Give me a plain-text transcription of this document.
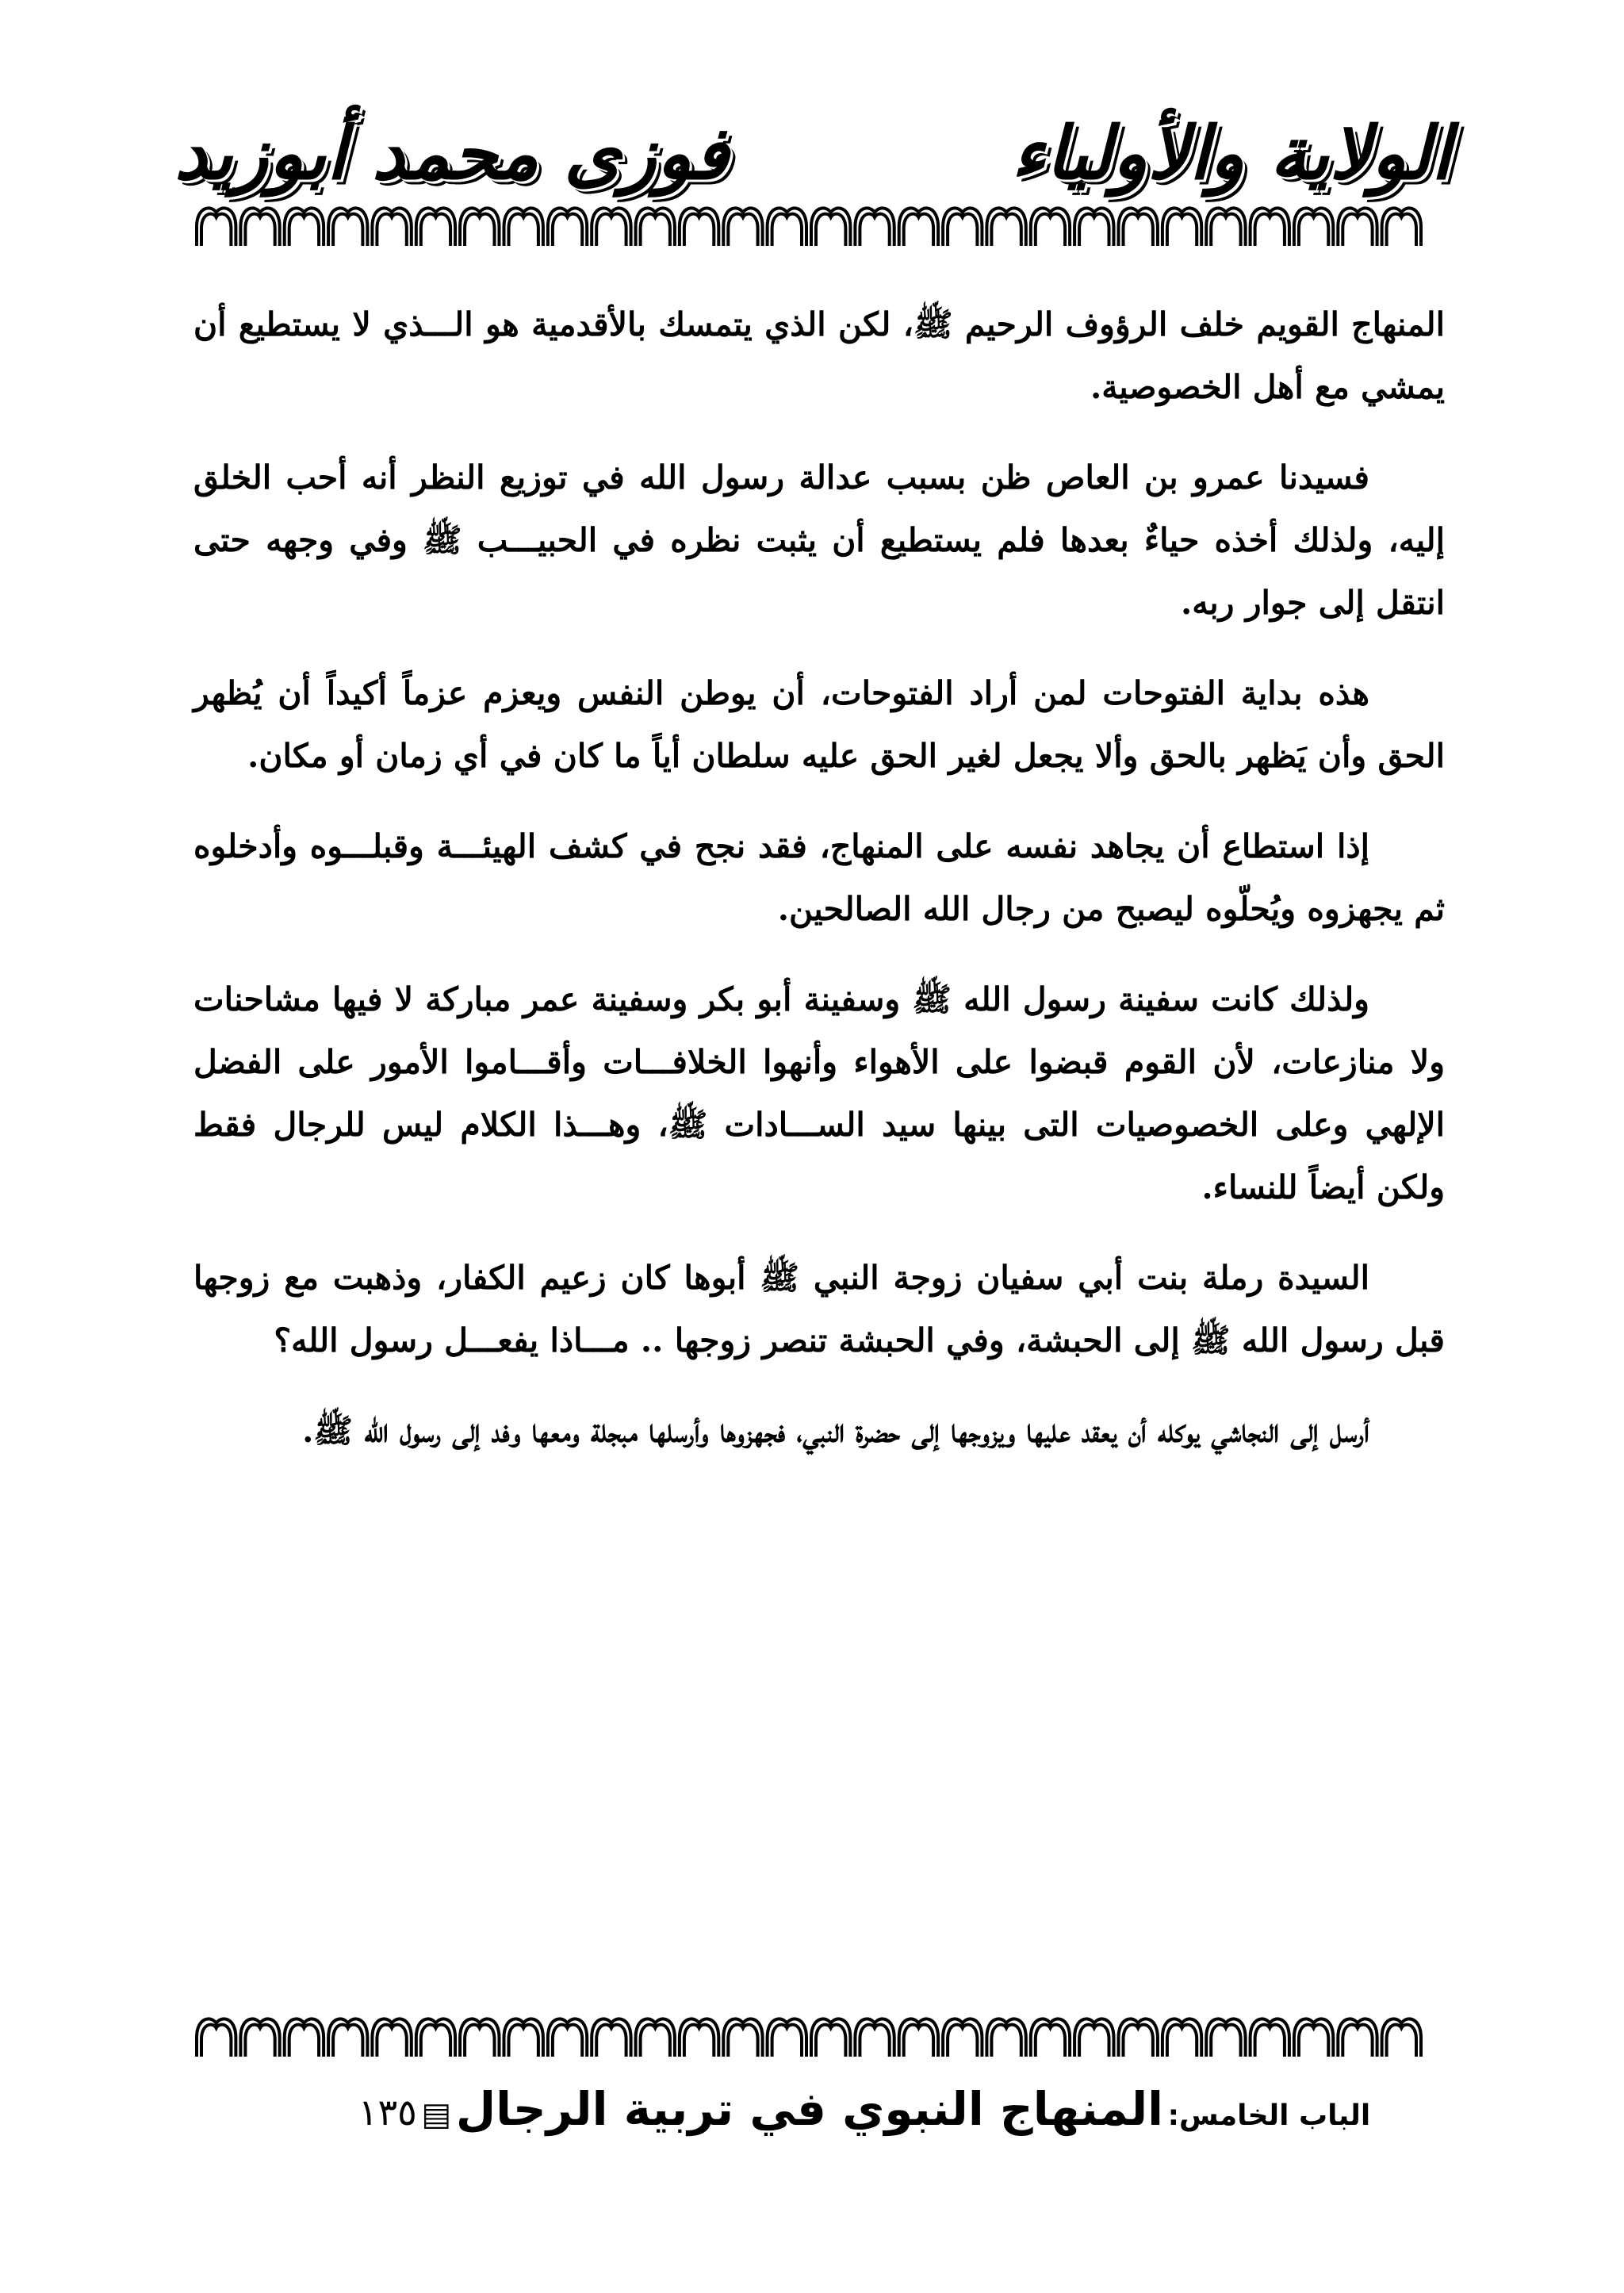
الولاية والأولياء
فوزى محمد أبوزيد

المنهاج القويم خلف الرؤوف الرحيم ﷺ، لكن الذي يتمسك بالأقدمية هو الـــذي لا يستطيع أن يمشي مع أهل الخصوصية.

فسيدنا عمرو بن العاص ظن بسبب عدالة رسول الله في توزيع النظر أنه أحب الخلق إليه، ولذلك أخذه حياءٌ بعدها فلم يستطيع أن يثبت نظره في الحبيـــب ﷺ وفي وجهه حتى انتقل إلى جوار ربه.

هذه بداية الفتوحات لمن أراد الفتوحات، أن يوطن النفس ويعزم عزماً أكيداً أن يُظهر الحق وأن يَظهر بالحق وألا يجعل لغير الحق عليه سلطان أياً ما كان في أي زمان أو مكان.

إذا استطاع أن يجاهد نفسه على المنهاج، فقد نجح في كشف الهيئـــة وقبلـــوه وأدخلوه ثم يجهزوه ويُحلّوه ليصبح من رجال الله الصالحين.

ولذلك كانت سفينة رسول الله ﷺ وسفينة أبو بكر وسفينة عمر مباركة لا فيها مشاحنات ولا منازعات، لأن القوم قبضوا على الأهواء وأنهوا الخلافـــات وأقـــاموا الأمور على الفضل الإلهي وعلى الخصوصيات التى بينها سيد الســـادات ﷺ، وهـــذا الكلام ليس للرجال فقط ولكن أيضاً للنساء.

السيدة رملة بنت أبي سفيان زوجة النبي ﷺ أبوها كان زعيم الكفار، وذهبت مع زوجها قبل رسول الله ﷺ إلى الحبشة، وفي الحبشة تنصر زوجها .. مـــاذا يفعـــل رسول الله؟

أرسل إلى النجاشي يوكله أن يعقد عليها ويزوجها إلى حضرة النبي، فجهزوها وأرسلها مبجلة ومعها وفد إلى رسول الله ﷺ.

الباب الخامس: المنهاج النبوي في تربية الرجال ▤ ١٣٥
